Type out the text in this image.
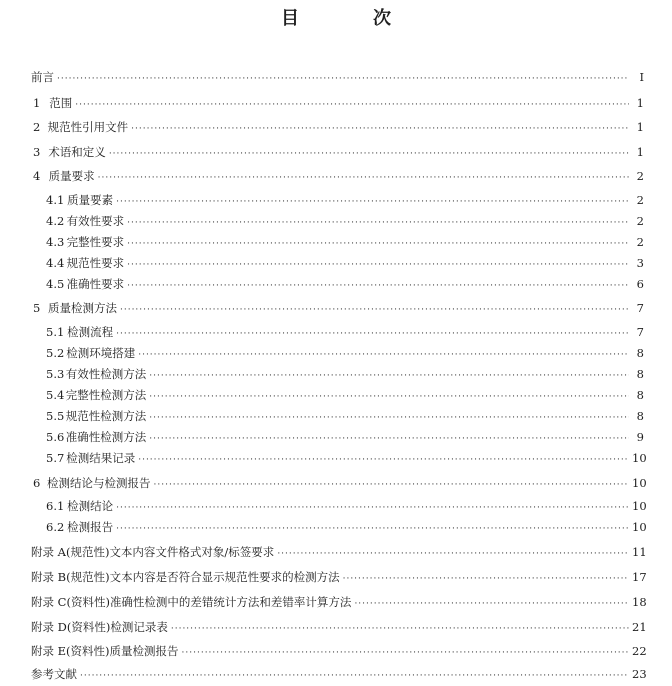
目　次
前言 ·····	Ⅰ
1 范围 ·····	1
2 规范性引用文件 ·····	1
3 术语和定义 ·····	1
4 质量要求 ·····	2
4.1 质量要素 ·····	2
4.2 有效性要求 ·····	2
4.3 完整性要求 ·····	2
4.4 规范性要求 ·····	3
4.5 准确性要求 ·····	6
5 质量检测方法 ·····	7
5.1 检测流程 ·····	7
5.2 检测环境搭建 ·····	8
5.3 有效性检测方法 ·····	8
5.4 完整性检测方法 ·····	8
5.5 规范性检测方法 ·····	8
5.6 准确性检测方法 ·····	9
5.7 检测结果记录 ·····	10
6 检测结论与检测报告 ·····	10
6.1 检测结论 ·····	10
6.2 检测报告 ·····	10
附录 A(规范性) 文本内容文件格式对象/标签要求 ·····	11
附录 B(规范性) 文本内容是否符合显示规范性要求的检测方法 ·····	17
附录 C(资料性) 准确性检测中的差错统计方法和差错率计算方法 ·····	18
附录 D(资料性) 检测记录表 ·····	21
附录 E(资料性) 质量检测报告 ·····	22
参考文献 ·····	23
